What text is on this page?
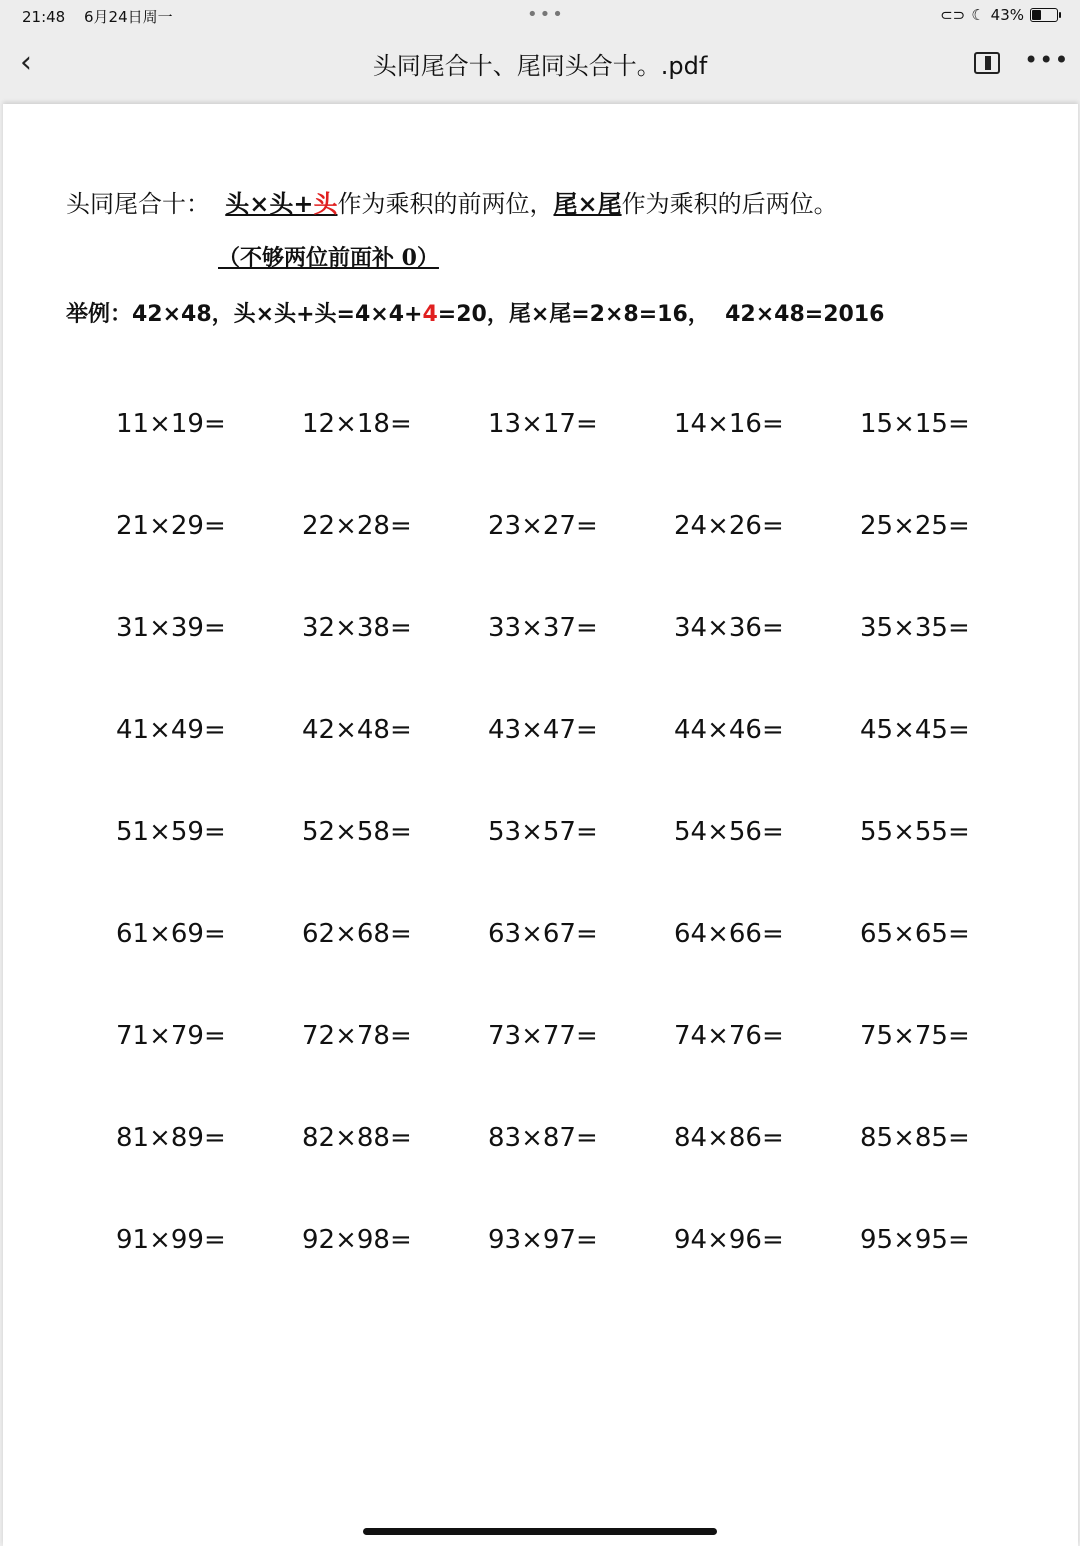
21:48 6月24日周一	•••	⊂⊃ ☾ 43%
‹	头同尾合十、尾同头合十。.pdf	•••
头同尾合十： 头×头+头作为乘积的前两位，尾×尾作为乘积的后两位。
（不够两位前面补 0）
举例：42×48，头×头+头=4×4+4=20，尾×尾=2×8=16，  42×48=2016
11×19=	12×18=	13×17=	14×16=	15×15=
21×29=	22×28=	23×27=	24×26=	25×25=
31×39=	32×38=	33×37=	34×36=	35×35=
41×49=	42×48=	43×47=	44×46=	45×45=
51×59=	52×58=	53×57=	54×56=	55×55=
61×69=	62×68=	63×67=	64×66=	65×65=
71×79=	72×78=	73×77=	74×76=	75×75=
81×89=	82×88=	83×87=	84×86=	85×85=
91×99=	92×98=	93×97=	94×96=	95×95=
